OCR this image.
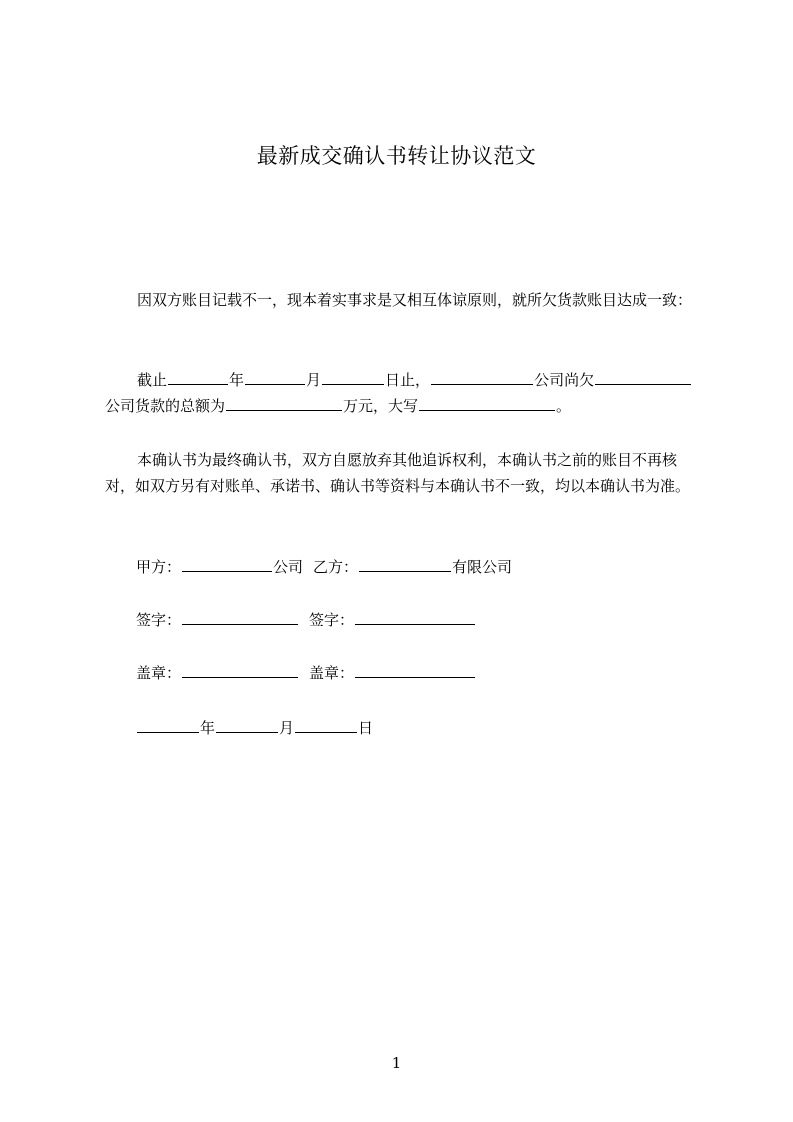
最新成交确认书转让协议范文
因双方账目记载不一，现本着实事求是又相互体谅原则，就所欠货款账目达成一致：
截止	年	月	日止，	公司尚欠公司货款的总额为	万元，大写	。
本确认书为最终确认书，双方自愿放弃其他追诉权利，本确认书之前的账目不再核对，如双方另有对账单、承诺书、确认书等资料与本确认书不一致，均以本确认书为准。
甲方：	公司 乙方：	有限公司
签字：	签字：
盖章：	盖章：
年	月	日
1
